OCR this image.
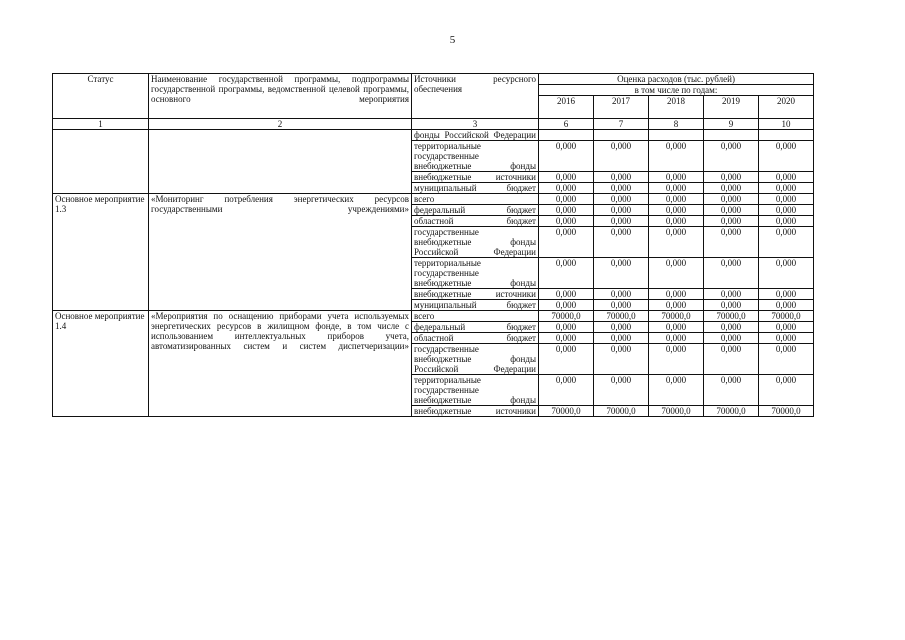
5
Статус	Наименование государственной программы, подпрограммы государственной программы, ведомственной целевой программы, основного мероприятия	Источники ресурсного обеспечения	Оценка расходов (тыс. рублей)				
			в том числе по годам:				
			2016	2017	2018	2019	2020
1	2	3	6	7	8	9	10
		фонды Российской Федерации					
		территориальные государственные внебюджетные фонды	0,000	0,000	0,000	0,000	0,000
		внебюджетные источники	0,000	0,000	0,000	0,000	0,000
		муниципальный бюджет	0,000	0,000	0,000	0,000	0,000
Основное мероприятие 1.3	«Мониторинг потребления энергетических ресурсов государственными учреждениями»	всего	0,000	0,000	0,000	0,000	0,000
		федеральный бюджет	0,000	0,000	0,000	0,000	0,000
		областной бюджет	0,000	0,000	0,000	0,000	0,000
		государственные внебюджетные фонды Российской Федерации	0,000	0,000	0,000	0,000	0,000
		территориальные государственные внебюджетные фонды	0,000	0,000	0,000	0,000	0,000
		внебюджетные источники	0,000	0,000	0,000	0,000	0,000
		муниципальный бюджет	0,000	0,000	0,000	0,000	0,000
Основное мероприятие 1.4	«Мероприятия по оснащению приборами учета используемых энергетических ресурсов в жилищном фонде, в том числе с использованием интеллектуальных приборов учета, автоматизированных систем и систем диспетчеризации»	всего	70000,0	70000,0	70000,0	70000,0	70000,0
		федеральный бюджет	0,000	0,000	0,000	0,000	0,000
		областной бюджет	0,000	0,000	0,000	0,000	0,000
		государственные внебюджетные фонды Российской Федерации	0,000	0,000	0,000	0,000	0,000
		территориальные государственные внебюджетные фонды	0,000	0,000	0,000	0,000	0,000
		внебюджетные источники	70000,0	70000,0	70000,0	70000,0	70000,0
